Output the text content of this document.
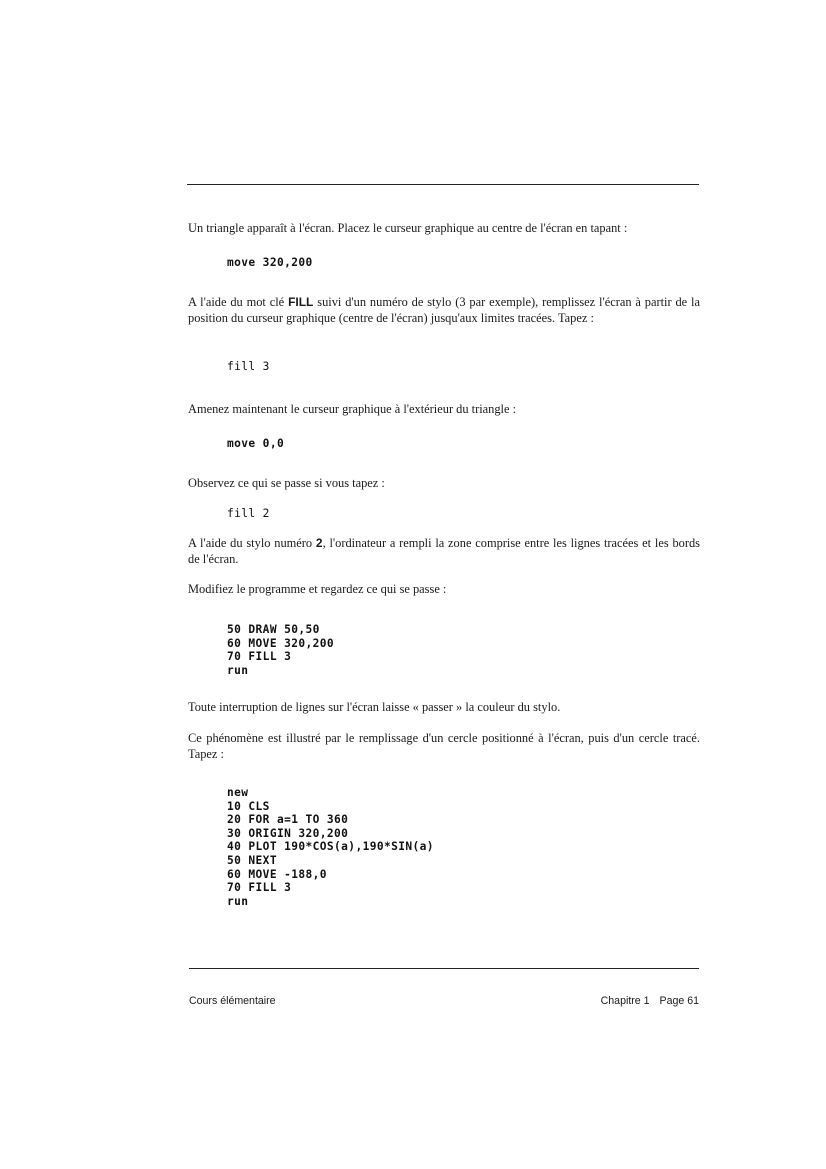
Un triangle apparaît à l'écran. Placez le curseur graphique au centre de l'écran en tapant :

move 320,200

A l'aide du mot clé FILL suivi d'un numéro de stylo (3 par exemple), remplissez l'écran à partir de la position du curseur graphique (centre de l'écran) jusqu'aux limites tracées. Tapez :

fill 3

Amenez maintenant le curseur graphique à l'extérieur du triangle :

move 0,0

Observez ce qui se passe si vous tapez :

fill 2

A l'aide du stylo numéro 2, l'ordinateur a rempli la zone comprise entre les lignes tracées et les bords de l'écran.

Modifiez le programme et regardez ce qui se passe :

50 DRAW 50,50
60 MOVE 320,200
70 FILL 3
run

Toute interruption de lignes sur l'écran laisse « passer » la couleur du stylo.

Ce phénomène est illustré par le remplissage d'un cercle positionné à l'écran, puis d'un cercle tracé. Tapez :

new
10 CLS
20 FOR a=1 TO 360
30 ORIGIN 320,200
40 PLOT 190*COS(a),190*SIN(a)
50 NEXT
60 MOVE -188,0
70 FILL 3
run
Cours élémentaire	Chapitre 1 Page 61
